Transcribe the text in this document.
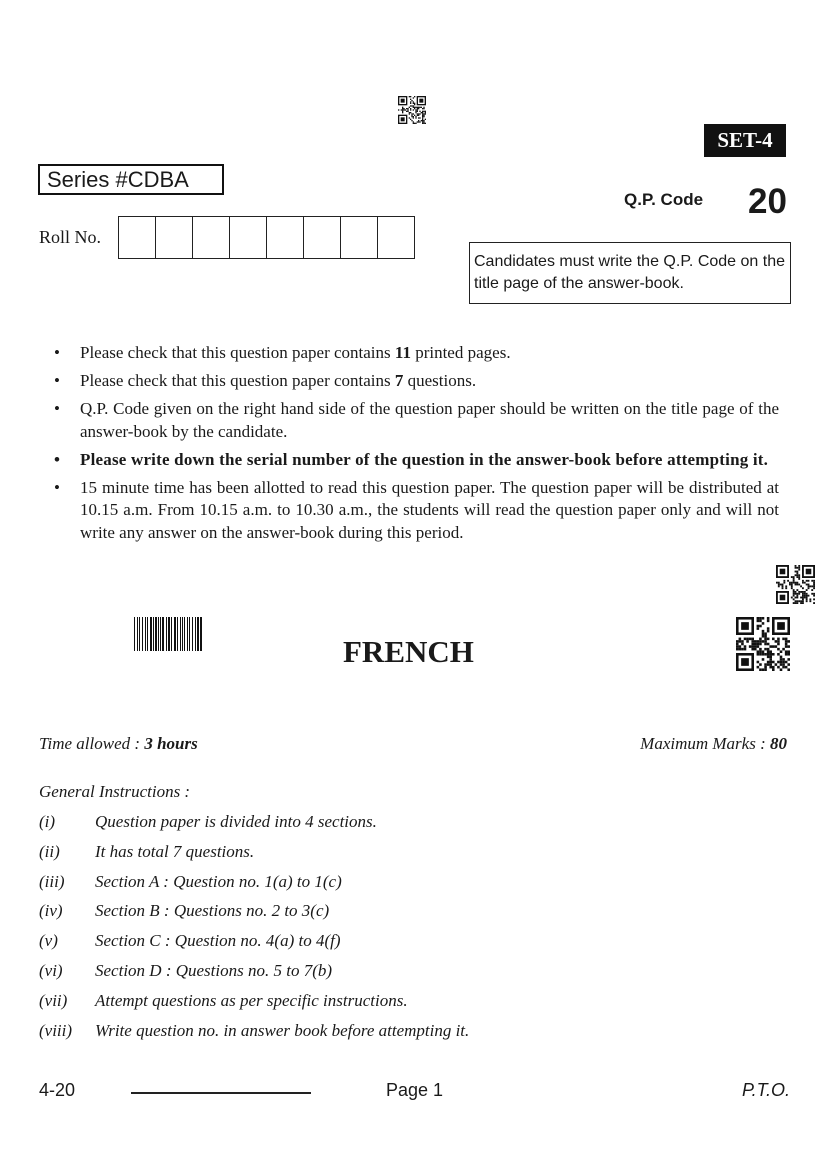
SET-4
Series #CDBA
Q.P. Code 20
Roll No.
Candidates must write the Q.P. Code on the title page of the answer-book.
• Please check that this question paper contains 11 printed pages.
• Please check that this question paper contains 7 questions.
• Q.P. Code given on the right hand side of the question paper should be written on the title page of the answer-book by the candidate.
• Please write down the serial number of the question in the answer-book before attempting it.
• 15 minute time has been allotted to read this question paper. The question paper will be distributed at 10.15 a.m. From 10.15 a.m. to 10.30 a.m., the students will read the question paper only and will not write any answer on the answer-book during this period.
FRENCH
Time allowed : 3 hours	Maximum Marks : 80
General Instructions :
(i)	Question paper is divided into 4 sections.
(ii)	It has total 7 questions.
(iii)	Section A : Question no. 1(a) to 1(c)
(iv)	Section B : Questions no. 2 to 3(c)
(v)	Section C : Question no. 4(a) to 4(f)
(vi)	Section D : Questions no. 5 to 7(b)
(vii)	Attempt questions as per specific instructions.
(viii)	Write question no. in answer book before attempting it.
4-20	Page 1	P.T.O.
